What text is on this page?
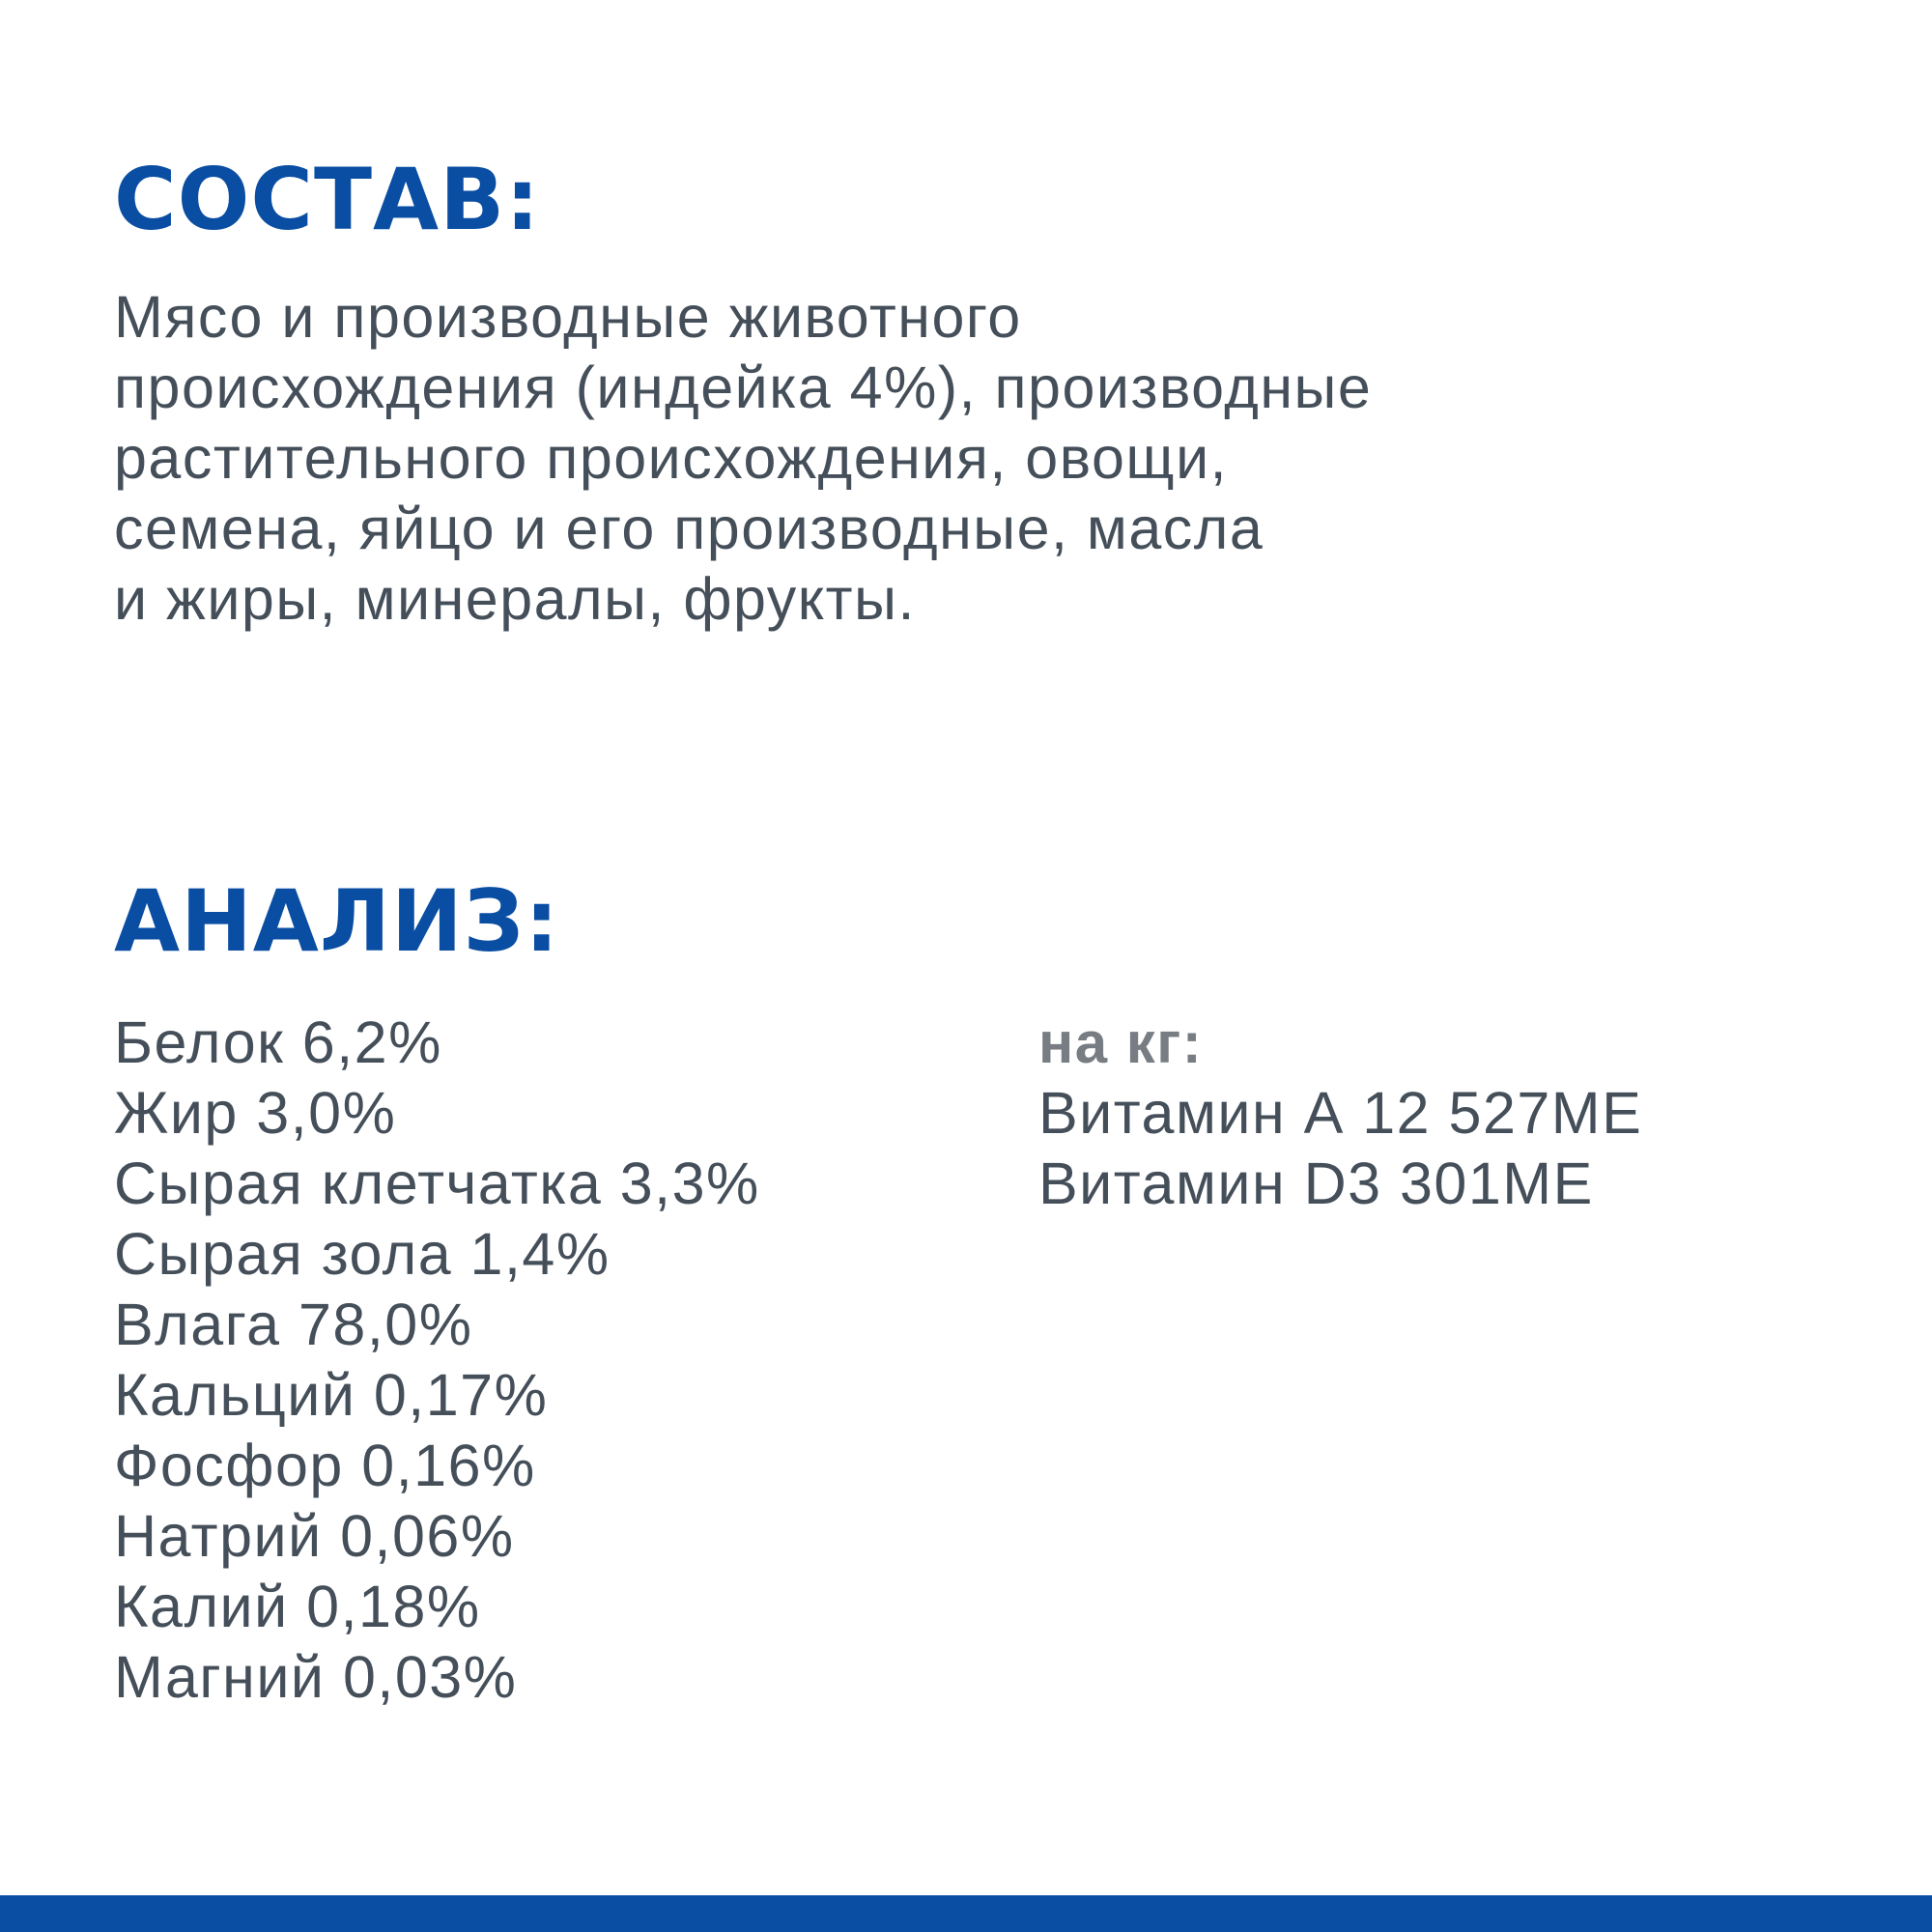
СОСТАВ:

Мясо и производные животного
происхождения (индейка 4%), производные
растительного происхождения, овощи,
семена, яйцо и его производные, масла
и жиры, минералы, фрукты.

АНАЛИЗ:
Белок 6,2%
Жир 3,0%
Сырая клетчатка 3,3%
Сырая зола 1,4%
Влага 78,0%
Кальций 0,17%
Фосфор 0,16%
Натрий 0,06%
Калий 0,18%
Магний 0,03%
на кг:
Витамин А 12 527МЕ
Витамин D3 301МЕ
